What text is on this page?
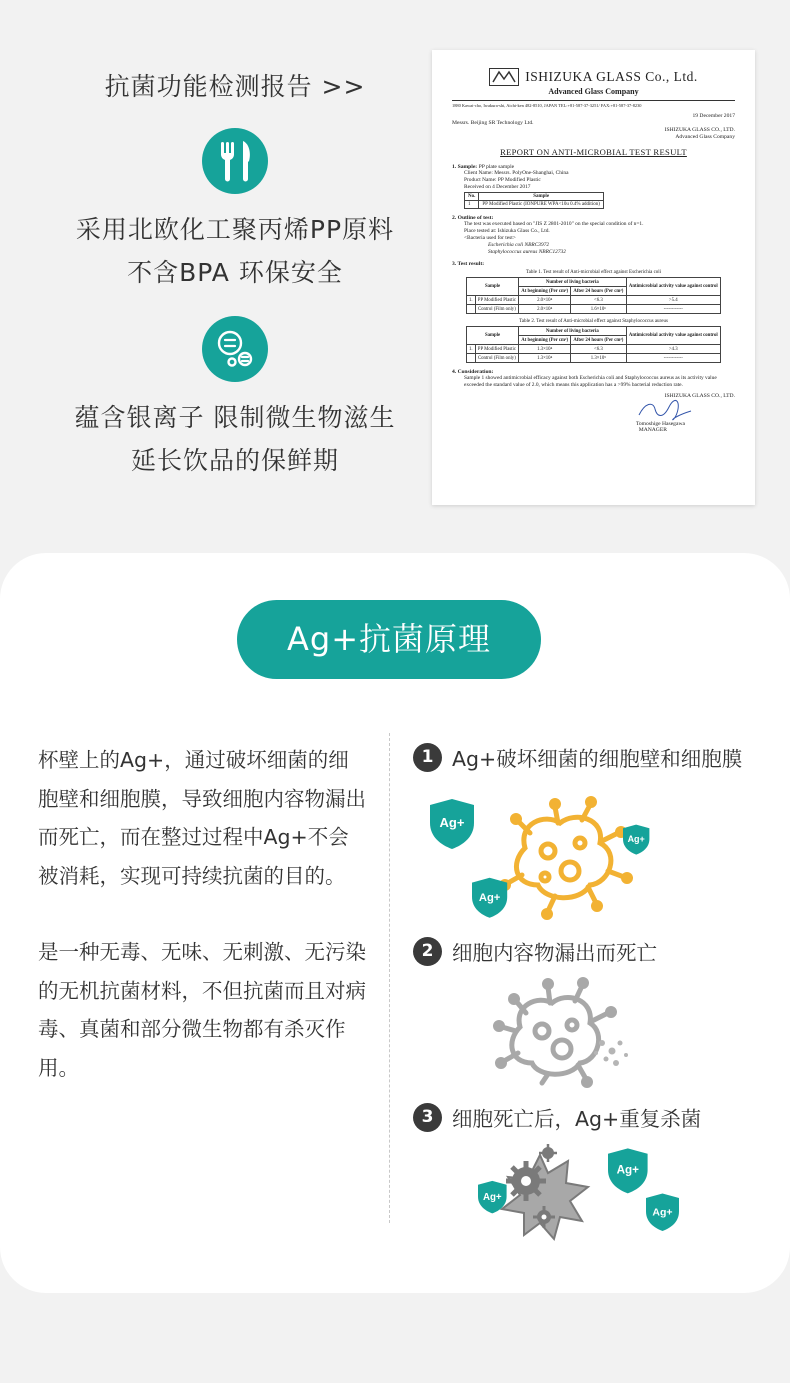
抗菌功能检测报告 >>
采用北欧化工聚丙烯PP原料
不含BPA 环保安全
蕴含银离子 限制微生物滋生
延长饮品的保鲜期
ISHIZUKA GLASS Co., Ltd.
Advanced Glass Company
1880 Kawai-cho, Iwakura-shi, Aichi-ken 482-8510, JAPAN TEL:+81-587-37-3251/ FAX:+81-587-37-8230
19 December 2017
Messrs. Beijing SR Technology Ltd.
ISHIZUKA GLASS CO., LTD.
Advanced Glass Company
REPORT ON ANTI-MICROBIAL TEST RESULT
1. Sample: PP plate sample
Client Name: Messrs. PolyOne-Shanghai, China
Product Name: PP Modified Plastic
Received on 4 December 2017
No.	Sample
1	PP Modified Plastic (IONPURE WPA<10u 0.4% addition)
2. Outline of test:
The test was executed based on "JIS Z 2801-2010" on the special condition of n=1.
Place tested at: Ishizuka Glass Co., Ltd.
<Bacteria used for test>
Escherichia coli NBRC3972
Staphylococcus aureus NBRC12732
3. Test result:
Table 1. Test result of Anti-microbial effect against Escherichia coli
Sample		Number of living bacteria		Antimicrobial activity value against control
		At beginning (Per cm²)	After 24 hours (Per cm²)	
1.	PP Modified Plastic	2.0×10⁴	<6.3	>5.4
	Control (Film only)	2.0×10⁴	1.6×10⁶	------------
Table 2. Test result of Anti-microbial effect against Staphylococcus aureus
Sample		Number of living bacteria		Antimicrobial activity value against control
		At beginning (Per cm²)	After 24 hours (Per cm²)	
1.	PP Modified Plastic	1.3×10⁴	<6.3	>4.3
	Control (Film only)	1.3×10⁴	1.3×10⁵	------------
4. Consideration:
Sample 1 showed antimicrobial efficacy against both Escherichia coli and Staphylococcus aureus as its activity value exceeded the standard value of 2.0, which means this application has a >99% bacterial reduction rate.
ISHIZUKA GLASS CO., LTD.
Tomoshige Hasegawa
MANAGER
Ag+抗菌原理

杯壁上的Ag+，通过破坏细菌的细胞壁和细胞膜，导致细胞内容物漏出而死亡，而在整过过程中Ag+不会被消耗，实现可持续抗菌的目的。

是一种无毒、无味、无刺激、无污染的无机抗菌材料，不但抗菌而且对病毒、真菌和部分微生物都有杀灭作用。

1 Ag+破坏细菌的细胞壁和细胞膜
Ag+
Ag+
Ag+
2 细胞内容物漏出而死亡
3 细胞死亡后，Ag+重复杀菌
Ag+
Ag+
Ag+
